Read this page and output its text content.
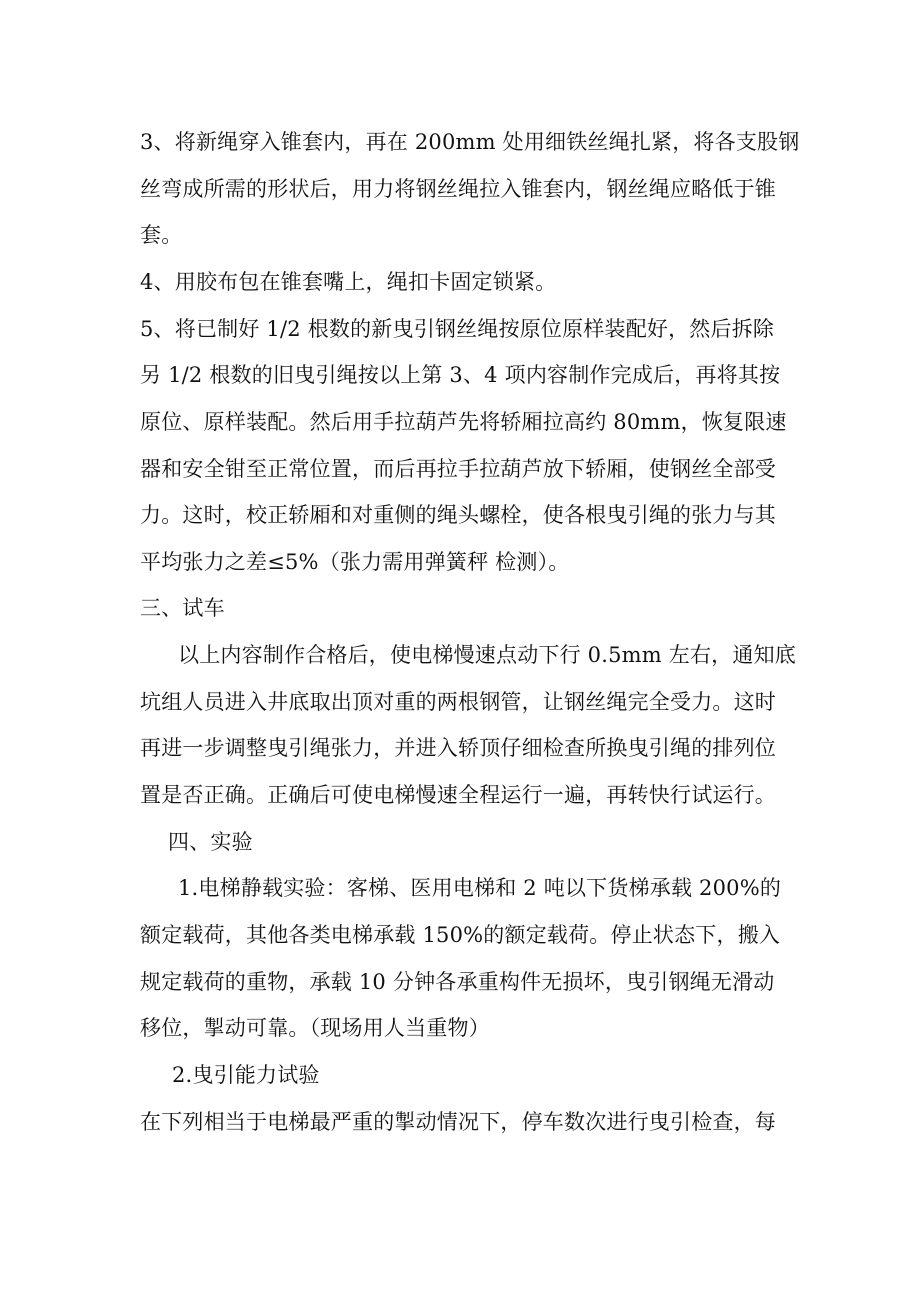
3、将新绳穿入锥套内，再在 200mm 处用细铁丝绳扎紧，将各支股钢
丝弯成所需的形状后，用力将钢丝绳拉入锥套内，钢丝绳应略低于锥
套。
4、用胶布包在锥套嘴上，绳扣卡固定锁紧。
5、将已制好 1/2 根数的新曳引钢丝绳按原位原样装配好，然后拆除
另 1/2 根数的旧曳引绳按以上第 3、4 项内容制作完成后，再将其按
原位、原样装配。然后用手拉葫芦先将轿厢拉高约 80mm，恢复限速
器和安全钳至正常位置，而后再拉手拉葫芦放下轿厢，使钢丝全部受
力。这时，校正轿厢和对重侧的绳头螺栓，使各根曳引绳的张力与其
平均张力之差≤5%（张力需用弹簧秤 检测）。
三、试车
以上内容制作合格后，使电梯慢速点动下行 0.5mm 左右，通知底
坑组人员进入井底取出顶对重的两根钢管，让钢丝绳完全受力。这时
再进一步调整曳引绳张力，并进入轿顶仔细检查所换曳引绳的排列位
置是否正确。正确后可使电梯慢速全程运行一遍，再转快行试运行。
四、实验
1.电梯静载实验：客梯、医用电梯和 2 吨以下货梯承载 200%的
额定载荷，其他各类电梯承载 150%的额定载荷。停止状态下，搬入
规定载荷的重物，承载 10 分钟各承重构件无损坏，曳引钢绳无滑动
移位，掣动可靠。（现场用人当重物）
2.曳引能力试验
在下列相当于电梯最严重的掣动情况下，停车数次进行曳引检查，每
